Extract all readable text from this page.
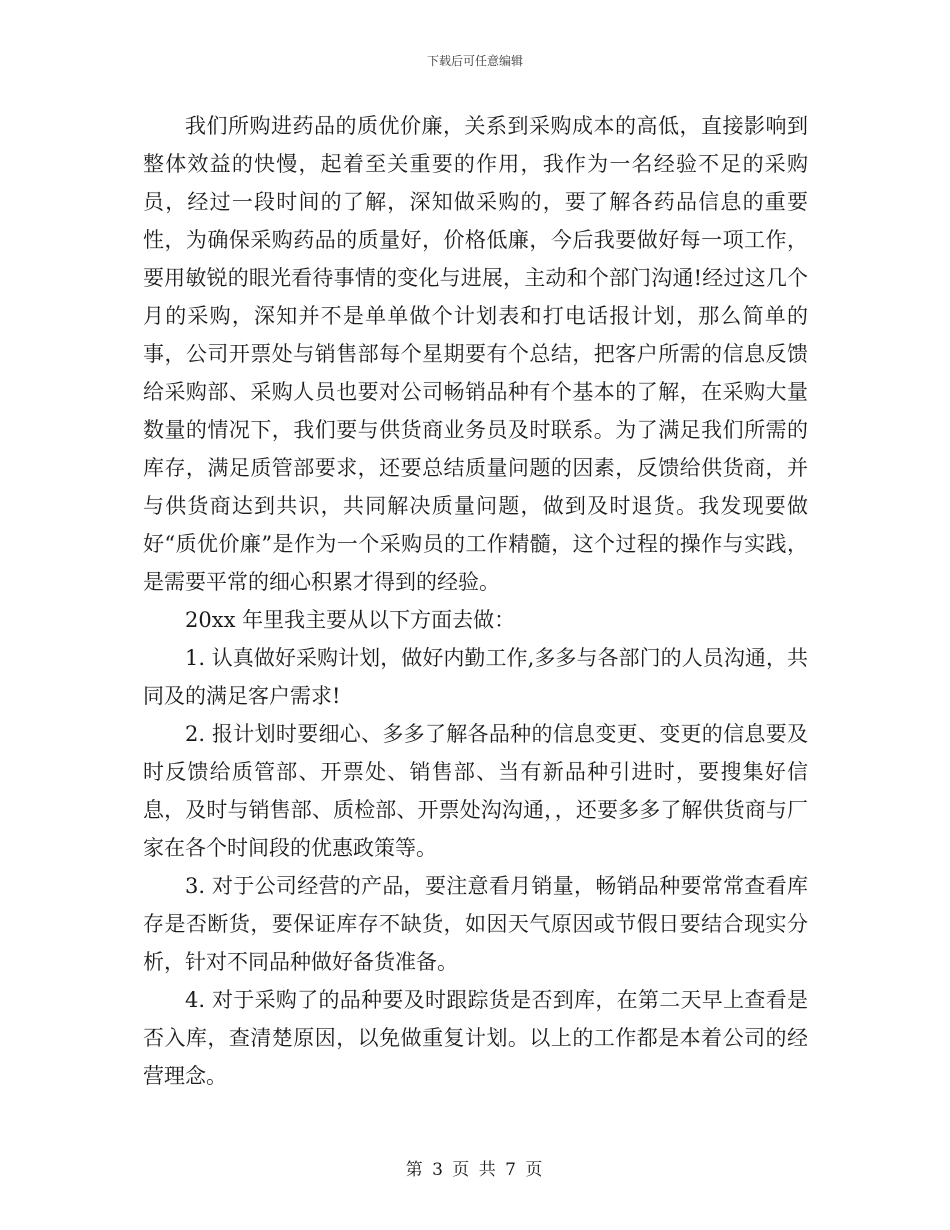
下载后可任意编辑

我们所购进药品的质优价廉，关系到采购成本的高低，直接影响到整体效益的快慢，起着至关重要的作用，我作为一名经验不足的采购员，经过一段时间的了解，深知做采购的，要了解各药品信息的重要性，为确保采购药品的质量好，价格低廉，今后我要做好每一项工作，要用敏锐的眼光看待事情的变化与进展，主动和个部门沟通!经过这几个月的采购，深知并不是单单做个计划表和打电话报计划，那么简单的事，公司开票处与销售部每个星期要有个总结，把客户所需的信息反馈给采购部、采购人员也要对公司畅销品种有个基本的了解，在采购大量数量的情况下，我们要与供货商业务员及时联系。为了满足我们所需的库存，满足质管部要求，还要总结质量问题的因素，反馈给供货商，并与供货商达到共识，共同解决质量问题，做到及时退货。我发现要做好“质优价廉”是作为一个采购员的工作精髓，这个过程的操作与实践，是需要平常的细心积累才得到的经验。

20xx 年里我主要从以下方面去做：

1. 认真做好采购计划，做好内勤工作,多多与各部门的人员沟通，共同及的满足客户需求!

2. 报计划时要细心、多多了解各品种的信息变更、变更的信息要及时反馈给质管部、开票处、销售部、当有新品种引进时，要搜集好信息，及时与销售部、质检部、开票处沟沟通，，还要多多了解供货商与厂家在各个时间段的优惠政策等。

3. 对于公司经营的产品，要注意看月销量，畅销品种要常常查看库存是否断货，要保证库存不缺货，如因天气原因或节假日要结合现实分析，针对不同品种做好备货准备。

4. 对于采购了的品种要及时跟踪货是否到库，在第二天早上查看是否入库，查清楚原因，以免做重复计划。以上的工作都是本着公司的经营理念。

第 3 页 共 7 页
